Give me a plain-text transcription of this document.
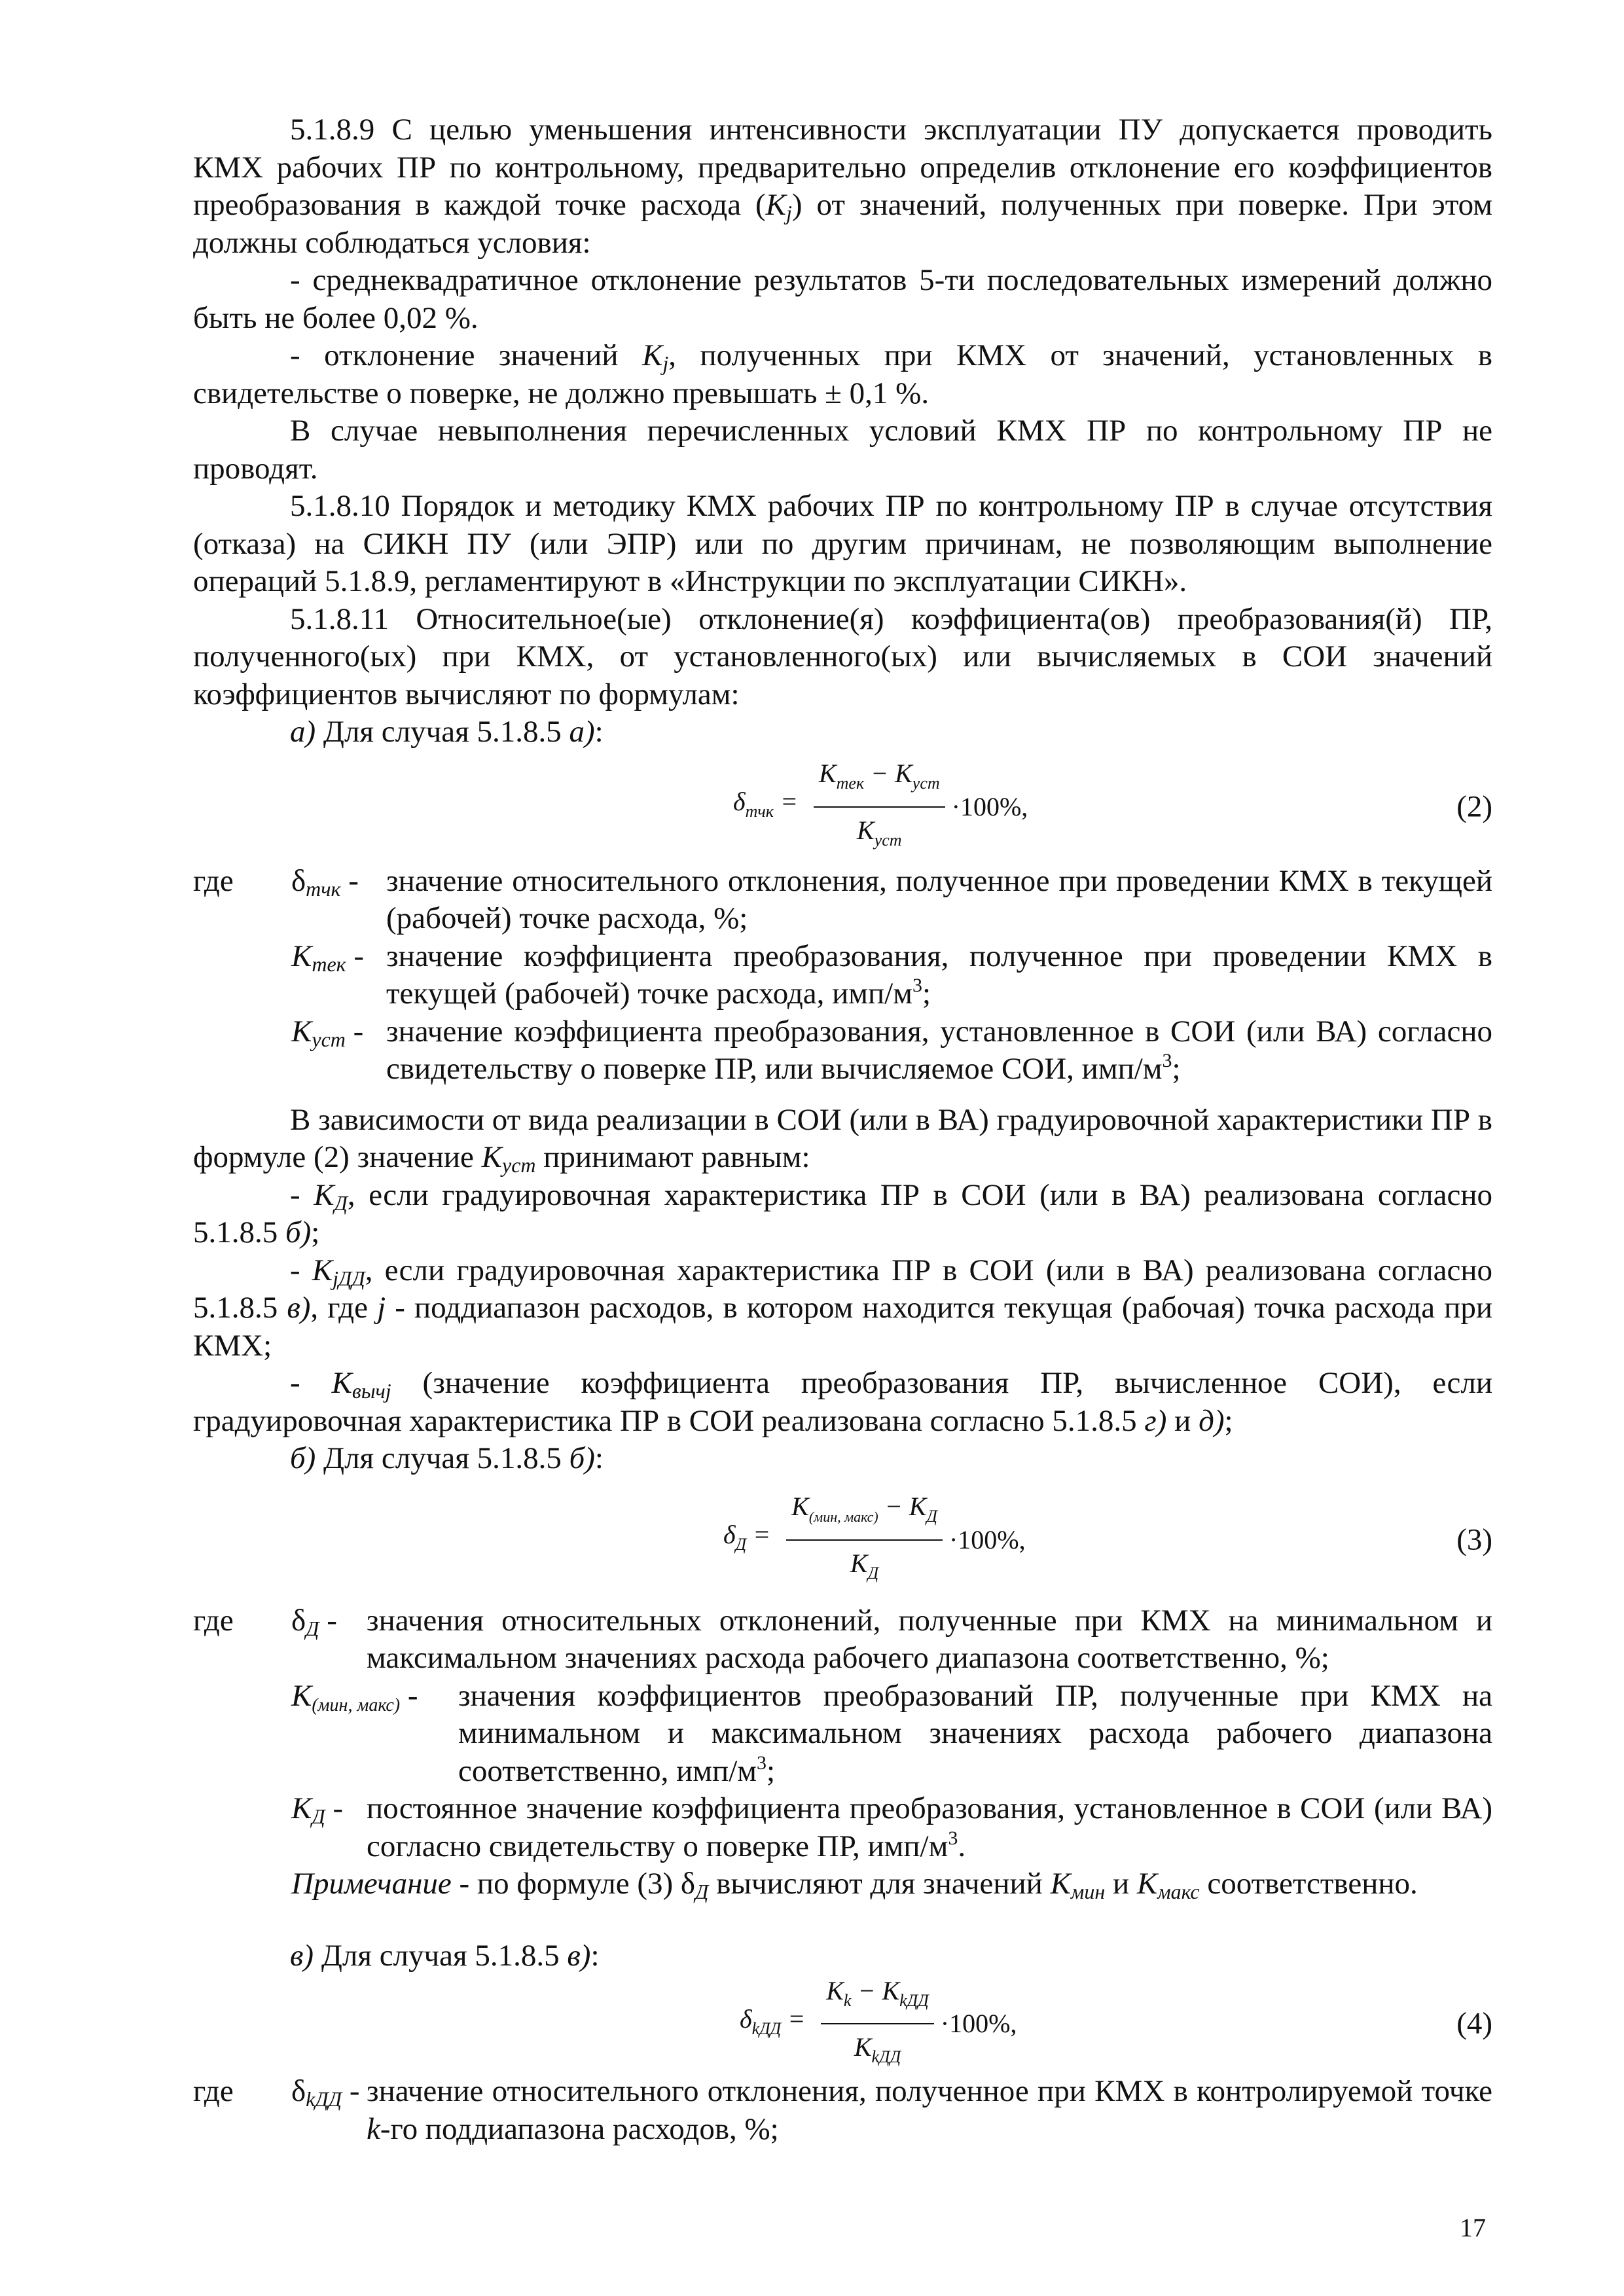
5.1.8.9 С целью уменьшения интенсивности эксплуатации ПУ допускается проводить КМХ рабочих ПР по контрольному, предварительно определив отклонение его коэффициентов преобразования в каждой точке расхода $(K_j)$ от значений, полученных при поверке. При этом должны соблюдаться условия:

- среднеквадратичное отклонение результатов 5-ти последовательных измерений должно быть не более 0,02 %.

- отклонение значений $K_j$, полученных при КМХ от значений, установленных в свидетельстве о поверке, не должно превышать ± 0,1 %.

В случае невыполнения перечисленных условий КМХ ПР по контрольному ПР не проводят.

5.1.8.10 Порядок и методику КМХ рабочих ПР по контрольному ПР в случае отсутствия (отказа) на СИКН ПУ (или ЭПР) или по другим причинам, не позволяющим выполнение операций 5.1.8.9, регламентируют в «Инструкции по эксплуатации СИКН».

5.1.8.11 Относительное(ые) отклонение(я) коэффициента(ов) преобразования(й) ПР, полученного(ых) при КМХ, от установленного(ых) или вычисляемых в СОИ значений коэффициентов вычисляют по формулам:

а) Для случая 5.1.8.5 а):

$\delta_{тчк} = \frac{K_{тек} - K_{уст}}{K_{уст}} \cdot 100\%$,	(2)
где $\delta_{тчк}$ - значение относительного отклонения, полученное при проведении КМХ в текущей (рабочей) точке расхода, %;
$K_{тек}$ - значение коэффициента преобразования, полученное при проведении КМХ в текущей (рабочей) точке расхода, имп/$м^3$;
$K_{уст}$ - значение коэффициента преобразования, установленное в СОИ (или ВА) согласно свидетельству о поверке ПР, или вычисляемое СОИ, имп/$м^3$;

В зависимости от вида реализации в СОИ (или в ВА) градуировочной характеристики ПР в формуле (2) значение $K_{уст}$ принимают равным:

- $K_Д$, если градуировочная характеристика ПР в СОИ (или в ВА) реализована согласно 5.1.8.5 б);

- $K_{jДД}$, если градуировочная характеристика ПР в СОИ (или в ВА) реализована согласно 5.1.8.5 в), где j - поддиапазон расходов, в котором находится текущая (рабочая) точка расхода при КМХ;

- $K_{вычj}$ (значение коэффициента преобразования ПР, вычисленное СОИ), если градуировочная характеристика ПР в СОИ реализована согласно 5.1.8.5 г) и д);

б) Для случая 5.1.8.5 б):

$\delta_Д = \frac{K_{(мин, макс)} - K_Д}{K_Д} \cdot 100\%$,	(3)
где $\delta_Д$ - значения относительных отклонений, полученные при КМХ на минимальном и максимальном значениях расхода рабочего диапазона соответственно, %;
$K_{(мин, макс)}$ - значения коэффициентов преобразований ПР, полученные при КМХ на минимальном и максимальном значениях расхода рабочего диапазона соответственно, имп/$м^3$;
$K_Д$ - постоянное значение коэффициента преобразования, установленное в СОИ (или ВА) согласно свидетельству о поверке ПР, имп/$м^3$.

Примечание - по формуле (3) $\delta_Д$ вычисляют для значений $K_{мин}$ и $K_{макс}$ соответственно.

в) Для случая 5.1.8.5 в):

$\delta_{kДД} = \frac{K_k - K_{kДД}}{K_{kДД}} \cdot 100\%$,	(4)
где $\delta_{kДД}$ - значение относительного отклонения, полученное при КМХ в контролируемой точке k-го поддиапазона расходов, %;
17
